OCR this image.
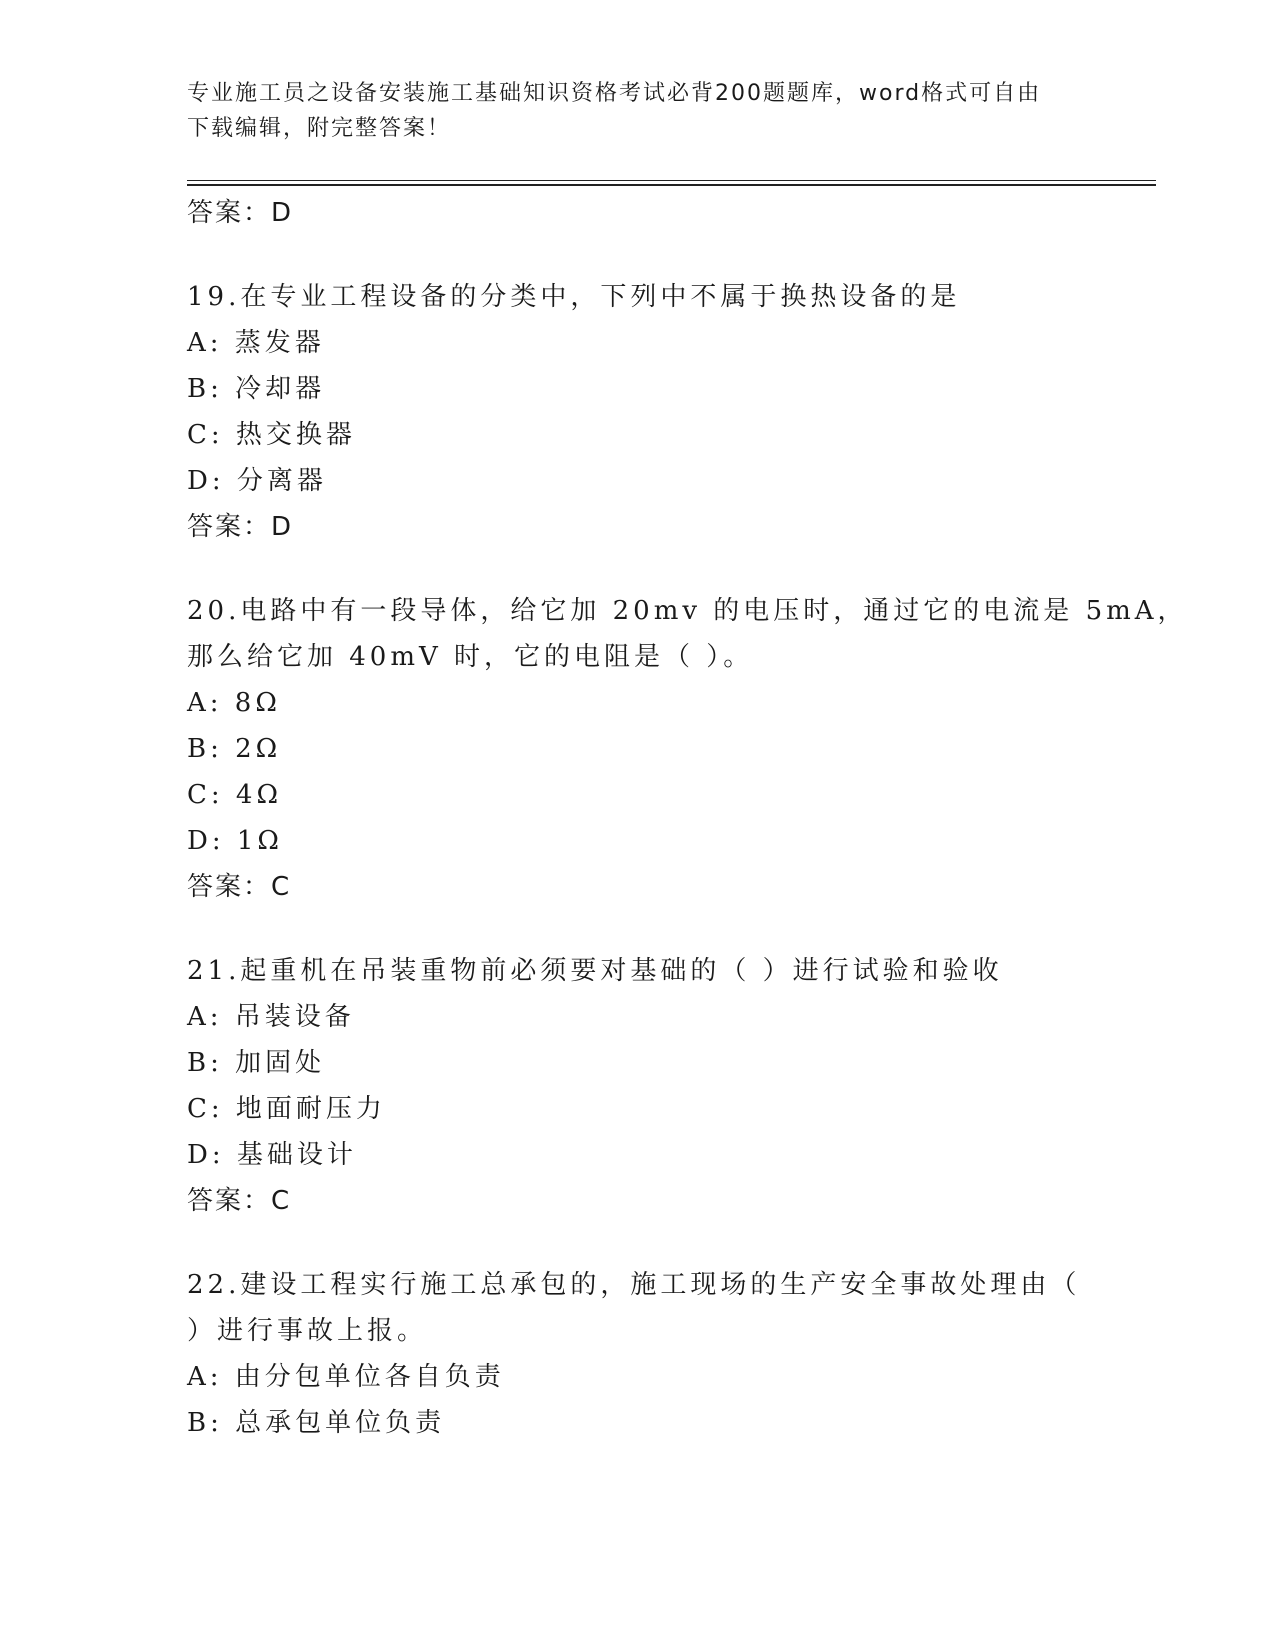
专业施工员之设备安装施工基础知识资格考试必背200题题库，word格式可自由
下载编辑，附完整答案！
答案：D
19.在专业工程设备的分类中，下列中不属于换热设备的是
A: 蒸发器
B: 冷却器
C: 热交换器
D: 分离器
答案：D
20.电路中有一段导体，给它加 20mv 的电压时，通过它的电流是 5mA，
那么给它加 40mV 时，它的电阻是（ ）。
A: 8Ω
B: 2Ω
C: 4Ω
D: 1Ω
答案：C
21.起重机在吊装重物前必须要对基础的（ ）进行试验和验收
A: 吊装设备
B: 加固处
C: 地面耐压力
D: 基础设计
答案：C
22.建设工程实行施工总承包的，施工现场的生产安全事故处理由（
）进行事故上报。
A: 由分包单位各自负责
B: 总承包单位负责
